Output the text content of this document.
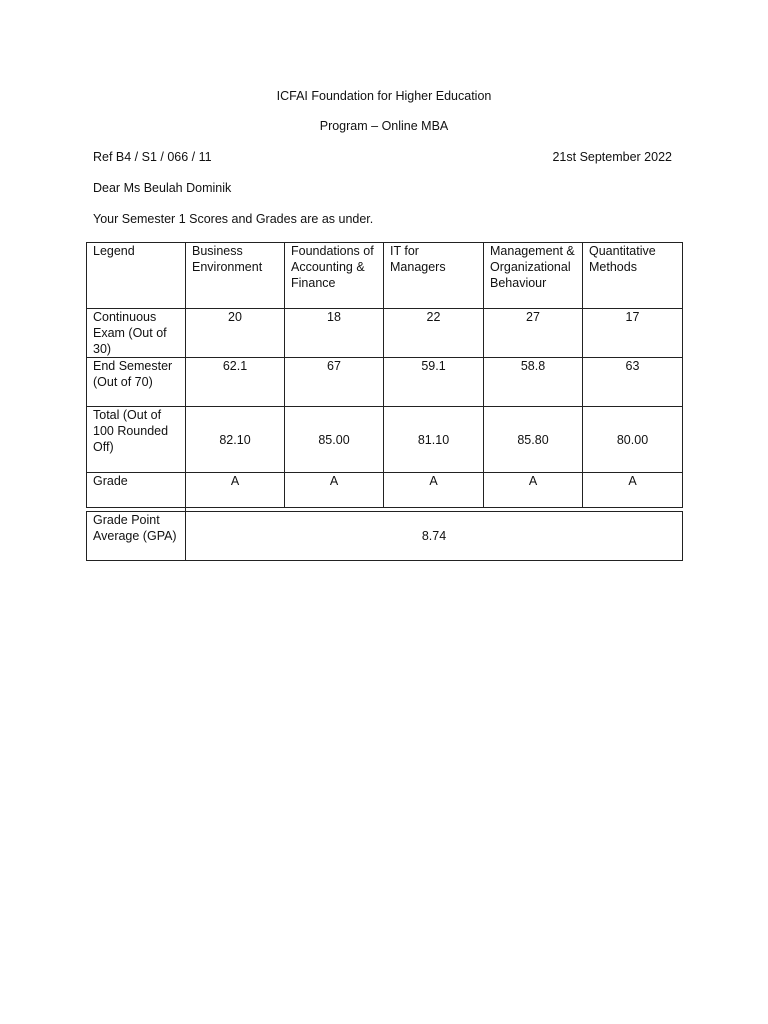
ICFAI Foundation for Higher Education
Program – Online MBA
Ref B4 / S1 / 066 / 11	21st September 2022
Dear Ms Beulah Dominik
Your Semester 1 Scores and Grades are as under.
Legend	Business Environment	Foundations of Accounting & Finance	IT for Managers	Management & Organizational Behaviour	Quantitative Methods
Continuous Exam (Out of 30)	20	18	22	27	17
End Semester (Out of 70)	62.1	67	59.1	58.8	63
Total (Out of 100 Rounded Off)	82.10	85.00	81.10	85.80	80.00
Grade	A	A	A	A	A

Grade Point Average (GPA)	8.74				
